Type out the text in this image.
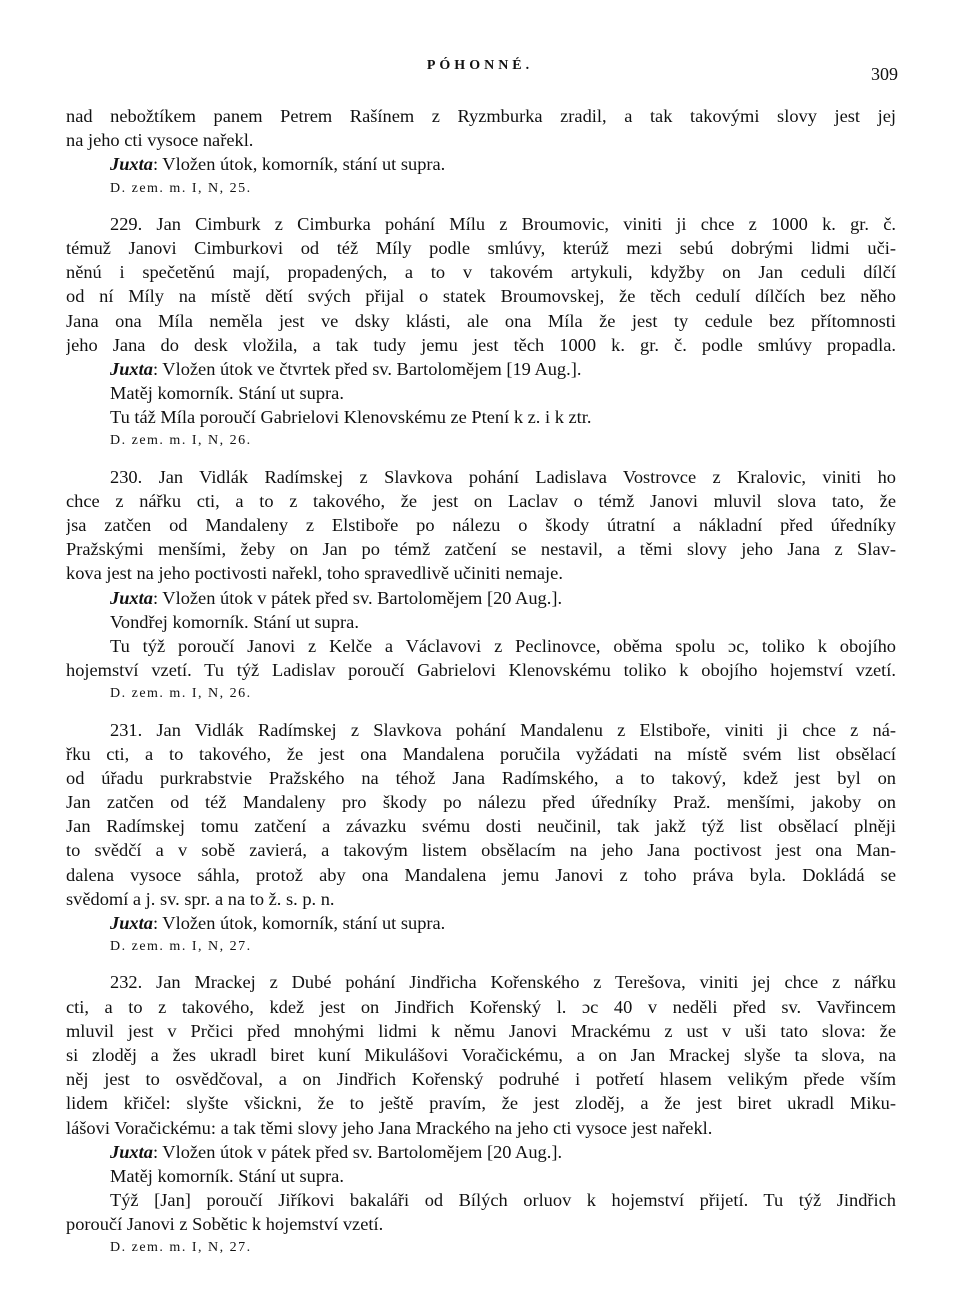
PÓHONNÉ.	309
nad nebožtíkem panem Petrem Rašínem z Ryzmburka zradil, a tak takovými slovy jest jej
na jeho cti vysoce nařekl.
Juxta: Vložen útok, komorník, stání ut supra.
D. zem. m. I, N, 25.
229. Jan Cimburk z Cimburka pohání Mílu z Broumovic, viniti ji chce z 1000 k. gr. č.
témuž Janovi Cimburkovi od též Míly podle smlúvy, kterúž mezi sebú dobrými lidmi uči-
něnú i spečetěnú mají, propadených, a to v takovém artykuli, kdyžby on Jan ceduli dílčí
od ní Míly na místě dětí svých přijal o statek Broumovskej, že těch cedulí dílčích bez něho
Jana ona Míla neměla jest ve dsky klásti, ale ona Míla že jest ty cedule bez přítomnosti
jeho Jana do desk vložila, a tak tudy jemu jest těch 1000 k. gr. č. podle smlúvy propadla.
Juxta: Vložen útok ve čtvrtek před sv. Bartolomějem [19 Aug.].
Matěj komorník. Stání ut supra.
Tu táž Míla poroučí Gabrielovi Klenovskému ze Ptení k z. i k ztr.
D. zem. m. I, N, 26.
230. Jan Vidlák Radímskej z Slavkova pohání Ladislava Vostrovce z Kralovic, viniti ho
chce z nářku cti, a to z takového, že jest on Laclav o témž Janovi mluvil slova tato, že
jsa zatčen od Mandaleny z Elstiboře po nálezu o škody útratní a nákladní před úředníky
Pražskými menšími, žeby on Jan po témž zatčení se nestavil, a těmi slovy jeho Jana z Slav-
kova jest na jeho poctivosti nařekl, toho spravedlivě učiniti nemaje.
Juxta: Vložen útok v pátek před sv. Bartolomějem [20 Aug.].
Vondřej komorník. Stání ut supra.
Tu týž poroučí Janovi z Kelče a Václavovi z Peclinovce, oběma spolu ɔc, toliko k obojího
hojemství vzetí. Tu týž Ladislav poroučí Gabrielovi Klenovskému toliko k obojího hojemství vzetí.
D. zem. m. I, N, 26.
231. Jan Vidlák Radímskej z Slavkova pohání Mandalenu z Elstiboře, viniti ji chce z ná-
řku cti, a to takového, že jest ona Mandalena poručila vyžádati na místě svém list obsělací
od úřadu purkrabstvie Pražského na téhož Jana Radímského, a to takový, kdež jest byl on
Jan zatčen od též Mandaleny pro škody po nálezu před úředníky Praž. menšími, jakoby on
Jan Radímskej tomu zatčení a závazku svému dosti neučinil, tak jakž týž list obsělací plněji
to svědčí a v sobě zavierá, a takovým listem obsělacím na jeho Jana poctivost jest ona Man-
dalena vysoce sáhla, protož aby ona Mandalena jemu Janovi z toho práva byla. Dokládá se
svědomí a j. sv. spr. a na to ž. s. p. n.
Juxta: Vložen útok, komorník, stání ut supra.
D. zem. m. I, N, 27.
232. Jan Mrackej z Dubé pohání Jindřicha Kořenského z Terešova, viniti jej chce z nářku
cti, a to z takového, kdež jest on Jindřich Kořenský l. ɔc 40 v neděli před sv. Vavřincem
mluvil jest v Prčici před mnohými lidmi k němu Janovi Mrackému z ust v uši tato slova: že
si zloděj a žes ukradl biret kuní Mikulášovi Voračickému, a on Jan Mrackej slyše ta slova, na
něj jest to osvědčoval, a on Jindřich Kořenský podruhé i potřetí hlasem velikým přede vším
lidem křičel: slyšte všickni, že to ještě pravím, že jest zloděj, a že jest biret ukradl Miku-
lášovi Voračickému: a tak těmi slovy jeho Jana Mrackého na jeho cti vysoce jest nařekl.
Juxta: Vložen útok v pátek před sv. Bartolomějem [20 Aug.].
Matěj komorník. Stání ut supra.
Týž [Jan] poroučí Jiříkovi bakaláři od Bílých orluov k hojemství přijetí. Tu týž Jindřich
poroučí Janovi z Sobětic k hojemství vzetí.
D. zem. m. I, N, 27.
